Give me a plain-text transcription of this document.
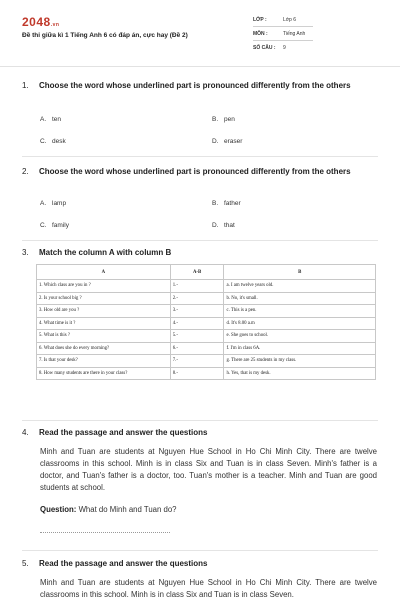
2048.vn
Đề thi giữa kì 1 Tiếng Anh 6 có đáp án, cực hay (Đề 2)
LỚP :	Lớp 6
MÔN :	Tiếng Anh
SỐ CÂU : 9
1. Choose the word whose underlined part is pronounced differently from the others
A. ten	B. pen
C. desk	D. eraser
2. Choose the word whose underlined part is pronounced differently from the others
A. lamp	B. father
C. family	D. that
3. Match the column A with column B
A	A-B	B
1. Which class are you in ?	1.-	a. I am twelve years old.
2. Is your school big ?	2.-	b. No, it's small.
3. How old are you ?	3.-	c. This is a pen.
4. What time is it ?	4.-	d. It's 8.00 a.m
5. What is this ?	5.-	e. She goes to school.
6. What does she do every morning?	6.-	f. I'm in class 6A.
7. Is that your desk?	7.-	g. There are 25 students in my class.
8. How many students are there in your class?	8.-	h. Yes, that is my desk.
4. Read the passage and answer the questions
Minh and Tuan are students at Nguyen Hue School in Ho Chi Minh City. There are twelve classrooms in this school. Minh is in class Six and Tuan is in class Seven. Minh's father is a doctor, and Tuan's father is a doctor, too. Tuan's mother is a teacher. Minh and Tuan are good students at school.
Question: What do Minh and Tuan do?
5. Read the passage and answer the questions
Minh and Tuan are students at Nguyen Hue School in Ho Chi Minh City. There are twelve classrooms in this school. Minh is in class Six and Tuan is in class Seven.
